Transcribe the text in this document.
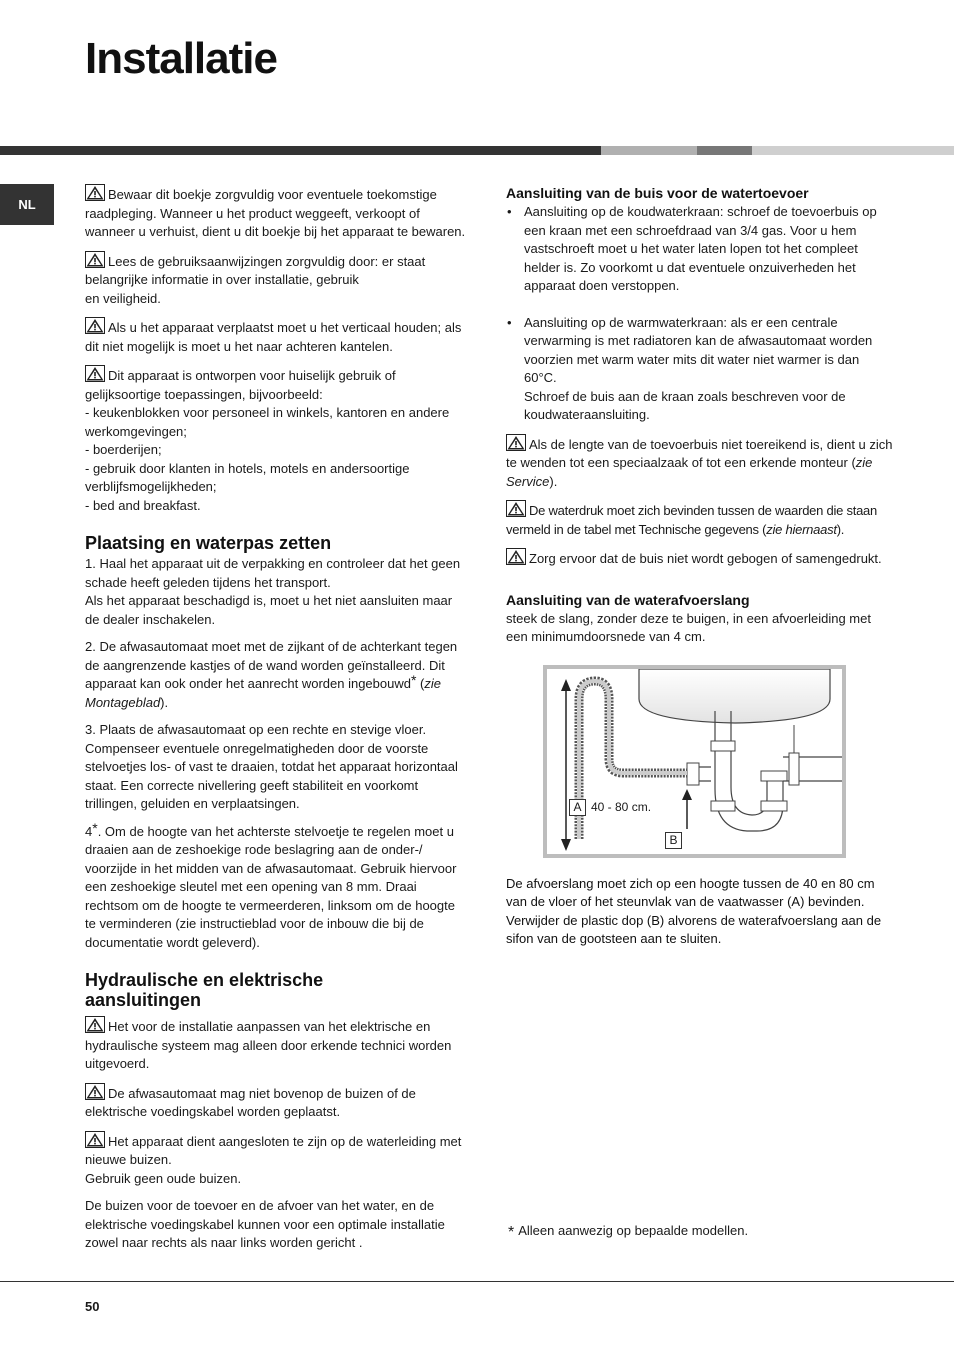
Installatie
NL

Bewaar dit boekje zorgvuldig voor eventuele toekomstige raadpleging. Wanneer u het product weggeeft, verkoopt of wanneer u verhuist, dient u dit boekje bij het apparaat te bewaren.

Lees de gebruiksaanwijzingen zorgvuldig door: er staat belangrijke informatie in over installatie, gebruik
en veiligheid.

Als u het apparaat verplaatst moet u het verticaal houden; als dit niet mogelijk is moet u het naar achteren kantelen.

Dit apparaat is ontworpen voor huiselijk gebruik of gelijksoortige toepassingen, bijvoorbeeld:
- keukenblokken voor personeel in winkels, kantoren en andere werkomgevingen;
- boerderijen;
- gebruik door klanten in hotels, motels en andersoortige verblijfsmogelijkheden;
- bed and breakfast.
Plaatsing en waterpas zetten

1. Haal het apparaat uit de verpakking en controleer dat het geen schade heeft geleden tijdens het transport.
Als het apparaat beschadigd is, moet u het niet aansluiten maar de dealer inschakelen.

2. De afwasautomaat moet met de zijkant of de achterkant tegen de aangrenzende kastjes of de wand worden geïnstalleerd. Dit apparaat kan ook onder het aanrecht worden ingebouwd* (zie Montageblad).

3. Plaats de afwasautomaat op een rechte en stevige vloer. Compenseer eventuele onregelmatigheden door de voorste stelvoetjes los- of vast te draaien, totdat het apparaat horizontaal staat. Een correcte nivellering geeft stabiliteit en voorkomt trillingen, geluiden en verplaatsingen.

4*. Om de hoogte van het achterste stelvoetje te regelen moet u draaien aan de zeshoekige rode beslagring aan de onder-/ voorzijde in het midden van de afwasautomaat. Gebruik hiervoor een zeshoekige sleutel met een opening van 8 mm. Draai rechtsom om de hoogte te vermeerderen, linksom om de hoogte te verminderen (zie instructieblad voor de inbouw die bij de documentatie wordt geleverd).

Hydraulische en elektrische
aansluitingen

Het voor de installatie aanpassen van het elektrische en hydraulische systeem mag alleen door erkende technici worden uitgevoerd.

De afwasautomaat mag niet bovenop de buizen of de elektrische voedingskabel worden geplaatst.

Het apparaat dient aangesloten te zijn op de waterleiding met nieuwe buizen.
Gebruik geen oude buizen.

De buizen voor de toevoer en de afvoer van het water, en de elektrische voedingskabel kunnen voor een optimale installatie zowel naar rechts als naar links worden gericht .

Aansluiting van de buis voor de watertoevoer

• Aansluiting op de koudwaterkraan: schroef de toevoerbuis op een kraan met een schroefdraad van 3/4 gas. Voor u hem vastschroeft moet u het water laten lopen tot het compleet helder is. Zo voorkomt u dat eventuele onzuiverheden het apparaat doen verstoppen.

• Aansluiting op de warmwaterkraan: als er een centrale verwarming is met radiatoren kan de afwasautomaat worden voorzien met warm water mits dit water niet warmer is dan 60°C.
Schroef de buis aan de kraan zoals beschreven voor de koudwateraansluiting.

Als de lengte van de toevoerbuis niet toereikend is, dient u zich te wenden tot een speciaalzaak of tot een erkende monteur (zie Service).

De waterdruk moet zich bevinden tussen de waarden die staan vermeld in de tabel met Technische gegevens (zie hiernaast).

Zorg ervoor dat de buis niet wordt gebogen of samengedrukt.

Aansluiting van de waterafvoerslang

steek de slang, zonder deze te buigen, in een afvoerleiding met een minimumdoorsnede van 4 cm.

A 40 - 80 cm.
B

De afvoerslang moet zich op een hoogte tussen de 40 en 80 cm van de vloer of het steunvlak van de vaatwasser (A) bevinden. Verwijder de plastic dop (B) alvorens de waterafvoerslang aan de sifon van de gootsteen aan te sluiten.

* Alleen aanwezig op bepaalde modellen.
50
